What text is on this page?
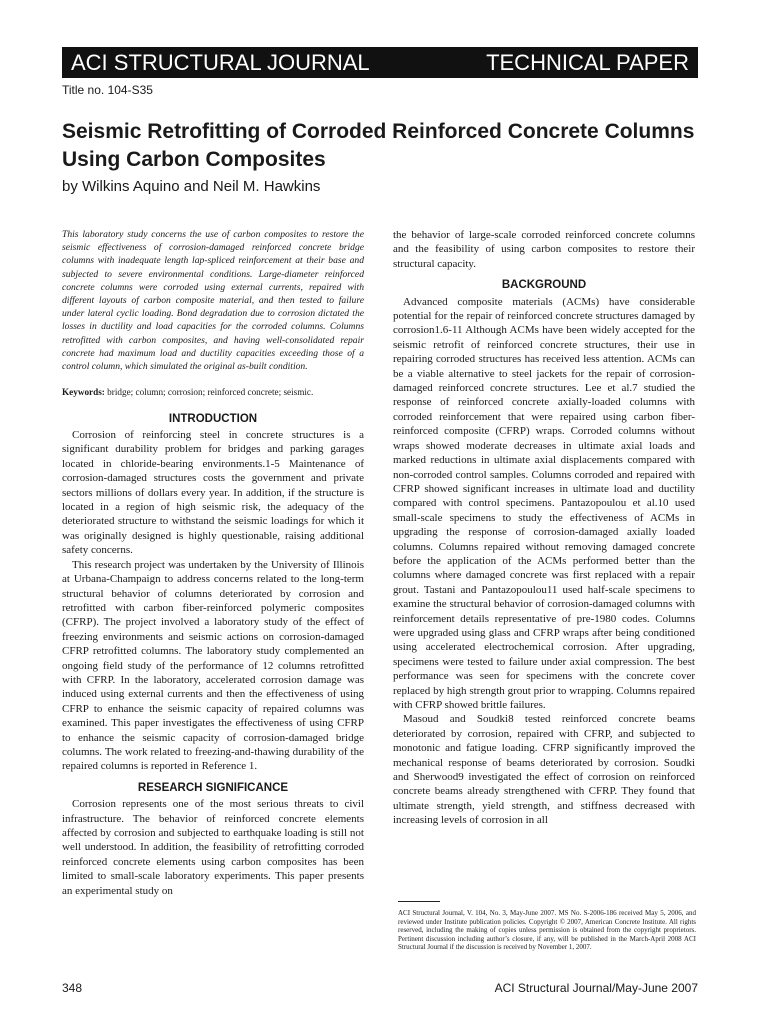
ACI STRUCTURAL JOURNAL	TECHNICAL PAPER
Title no. 104-S35
Seismic Retrofitting of Corroded Reinforced Concrete Columns Using Carbon Composites
by Wilkins Aquino and Neil M. Hawkins

This laboratory study concerns the use of carbon composites to restore the seismic effectiveness of corrosion-damaged reinforced concrete bridge columns with inadequate length lap-spliced reinforcement at their base and subjected to severe environmental conditions. Large-diameter reinforced concrete columns were corroded using external currents, repaired with different layouts of carbon composite material, and then tested to failure under lateral cyclic loading. Bond degradation due to corrosion dictated the losses in ductility and load capacities for the corroded columns. Columns retrofitted with carbon composites, and having well-consolidated repair concrete had maximum load and ductility capacities exceeding those of a control column, which simulated the original as-built condition.

Keywords: bridge; column; corrosion; reinforced concrete; seismic.

INTRODUCTION

Corrosion of reinforcing steel in concrete structures is a significant durability problem for bridges and parking garages located in chloride-bearing environments.1-5 Maintenance of corrosion-damaged structures costs the government and private sectors millions of dollars every year. In addition, if the structure is located in a region of high seismic risk, the adequacy of the deteriorated structure to withstand the seismic loadings for which it was originally designed is highly questionable, raising additional safety concerns.

This research project was undertaken by the University of Illinois at Urbana-Champaign to address concerns related to the long-term structural behavior of columns deteriorated by corrosion and retrofitted with carbon fiber-reinforced polymeric composites (CFRP). The project involved a laboratory study of the effect of freezing environments and seismic actions on corrosion-damaged CFRP retrofitted columns. The laboratory study complemented an ongoing field study of the performance of 12 columns retrofitted with CFRP. In the laboratory, accelerated corrosion damage was induced using external currents and then the effectiveness of using CFRP to enhance the seismic capacity of repaired columns was examined. This paper investigates the effectiveness of using CFRP to enhance the seismic capacity of corrosion-damaged bridge columns. The work related to freezing-and-thawing durability of the repaired columns is reported in Reference 1.

RESEARCH SIGNIFICANCE

Corrosion represents one of the most serious threats to civil infrastructure. The behavior of reinforced concrete elements affected by corrosion and subjected to earthquake loading is still not well understood. In addition, the feasibility of retrofitting corroded reinforced concrete elements using carbon composites has been limited to small-scale laboratory experiments. This paper presents an experimental study on

the behavior of large-scale corroded reinforced concrete columns and the feasibility of using carbon composites to restore their structural capacity.

BACKGROUND

Advanced composite materials (ACMs) have considerable potential for the repair of reinforced concrete structures damaged by corrosion1.6-11 Although ACMs have been widely accepted for the seismic retrofit of reinforced concrete structures, their use in repairing corroded structures has received less attention. ACMs can be a viable alternative to steel jackets for the repair of corrosion-damaged reinforced concrete structures. Lee et al.7 studied the response of reinforced concrete axially-loaded columns with corroded reinforcement that were repaired using carbon fiber-reinforced composite (CFRP) wraps. Corroded columns without wraps showed moderate decreases in ultimate axial loads and marked reductions in ultimate axial displacements compared with non-corroded control samples. Columns corroded and repaired with CFRP showed significant increases in ultimate load and ductility compared with control specimens. Pantazopoulou et al.10 used small-scale specimens to study the effectiveness of ACMs in upgrading the response of corrosion-damaged axially loaded columns. Columns repaired without removing damaged concrete before the application of the ACMs performed better than the columns where damaged concrete was first replaced with a repair grout. Tastani and Pantazopoulou11 used half-scale specimens to examine the structural behavior of corrosion-damaged columns with reinforcement details representative of pre-1980 codes. Columns were upgraded using glass and CFRP wraps after being conditioned using accelerated electrochemical corrosion. After upgrading, specimens were tested to failure under axial compression. The best performance was seen for specimens with the concrete cover replaced by high strength grout prior to wrapping. Columns repaired with CFRP showed brittle failures.

Masoud and Soudki8 tested reinforced concrete beams deteriorated by corrosion, repaired with CFRP, and subjected to monotonic and fatigue loading. CFRP significantly improved the mechanical response of beams deteriorated by corrosion. Soudki and Sherwood9 investigated the effect of corrosion on reinforced concrete beams already strengthened with CFRP. They found that ultimate strength, yield strength, and stiffness decreased with increasing levels of corrosion in all

ACI Structural Journal, V. 104, No. 3, May-June 2007. MS No. S-2006-186 received May 5, 2006, and reviewed under Institute publication policies. Copyright © 2007, American Concrete Institute. All rights reserved, including the making of copies unless permission is obtained from the copyright proprietors. Pertinent discussion including author’s closure, if any, will be published in the March-April 2008 ACI Structural Journal if the discussion is received by November 1, 2007.
348	ACI Structural Journal/May-June 2007
